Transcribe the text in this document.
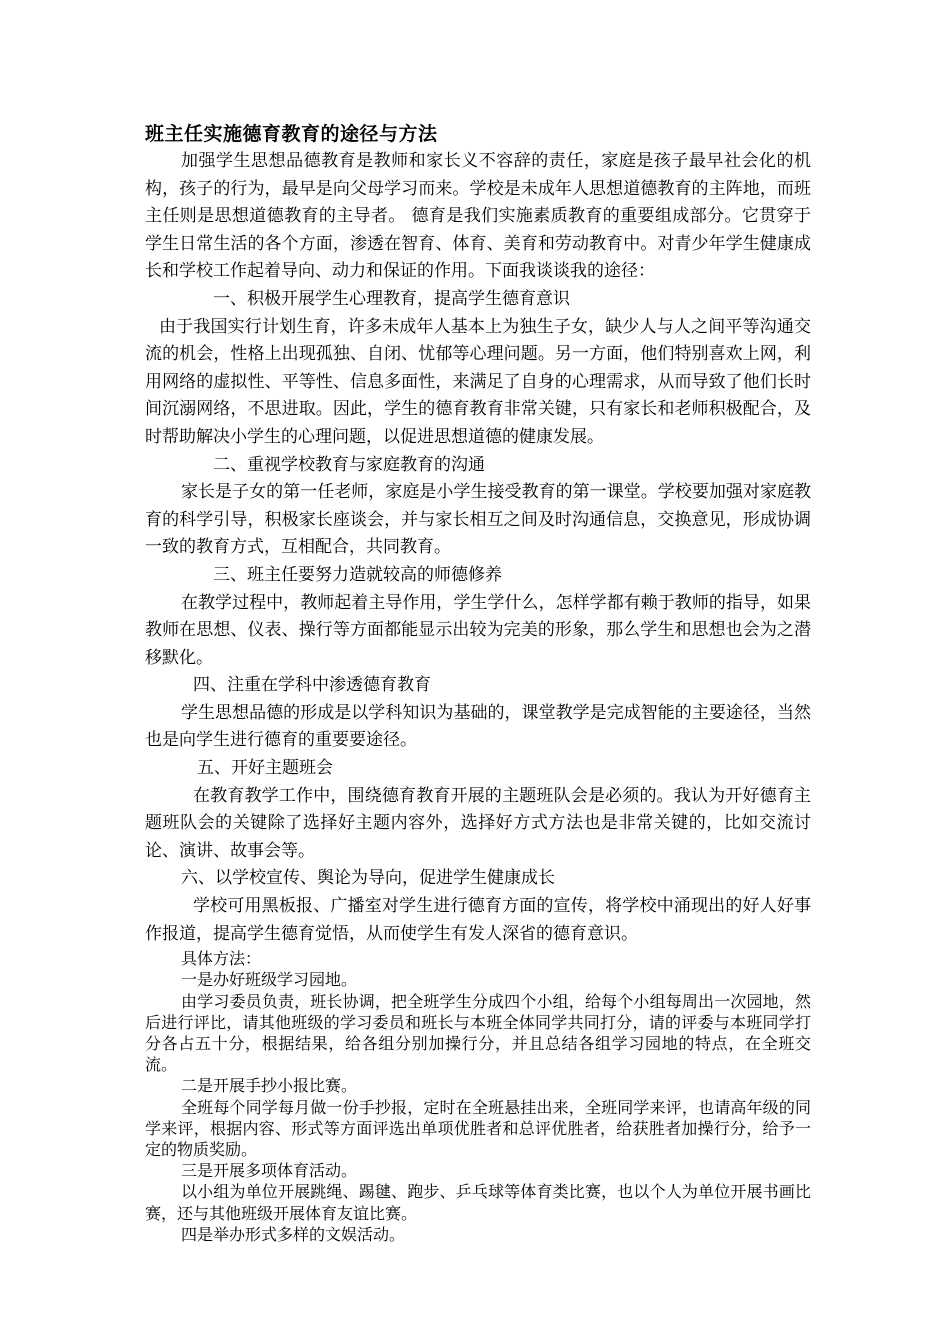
班主任实施德育教育的途径与方法

加强学生思想品德教育是教师和家长义不容辞的责任，家庭是孩子最早社会化的机构，孩子的行为，最早是向父母学习而来。学校是未成年人思想道德教育的主阵地，而班主任则是思想道德教育的主导者。 德育是我们实施素质教育的重要组成部分。它贯穿于学生日常生活的各个方面，渗透在智育、体育、美育和劳动教育中。对青少年学生健康成长和学校工作起着导向、动力和保证的作用。下面我谈谈我的途径：

一、积极开展学生心理教育，提高学生德育意识

由于我国实行计划生育，许多未成年人基本上为独生子女，缺少人与人之间平等沟通交流的机会，性格上出现孤独、自闭、忧郁等心理问题。另一方面，他们特别喜欢上网，利用网络的虚拟性、平等性、信息多面性，来满足了自身的心理需求，从而导致了他们长时间沉溺网络，不思进取。因此，学生的德育教育非常关键，只有家长和老师积极配合，及时帮助解决小学生的心理问题，以促进思想道德的健康发展。

二、重视学校教育与家庭教育的沟通

家长是子女的第一任老师，家庭是小学生接受教育的第一课堂。学校要加强对家庭教育的科学引导，积极家长座谈会，并与家长相互之间及时沟通信息，交换意见，形成协调一致的教育方式，互相配合，共同教育。

三、班主任要努力造就较高的师德修养

在教学过程中，教师起着主导作用，学生学什么，怎样学都有赖于教师的指导，如果教师在思想、仪表、操行等方面都能显示出较为完美的形象，那么学生和思想也会为之潜移默化。

四、注重在学科中渗透德育教育

学生思想品德的形成是以学科知识为基础的，课堂教学是完成智能的主要途径，当然也是向学生进行德育的重要要途径。

五、开好主题班会

在教育教学工作中，围绕德育教育开展的主题班队会是必须的。我认为开好德育主题班队会的关键除了选择好主题内容外，选择好方式方法也是非常关键的，比如交流讨论、演讲、故事会等。

六、以学校宣传、舆论为导向，促进学生健康成长

学校可用黑板报、广播室对学生进行德育方面的宣传，将学校中涌现出的好人好事作报道，提高学生德育觉悟，从而使学生有发人深省的德育意识。

具体方法：

一是办好班级学习园地。

由学习委员负责，班长协调，把全班学生分成四个小组，给每个小组每周出一次园地，然后进行评比，请其他班级的学习委员和班长与本班全体同学共同打分，请的评委与本班同学打分各占五十分，根据结果，给各组分别加操行分，并且总结各组学习园地的特点，在全班交流。

二是开展手抄小报比赛。

全班每个同学每月做一份手抄报，定时在全班悬挂出来，全班同学来评，也请高年级的同学来评，根据内容、形式等方面评选出单项优胜者和总评优胜者，给获胜者加操行分，给予一定的物质奖励。

三是开展多项体育活动。

以小组为单位开展跳绳、踢毽、跑步、乒乓球等体育类比赛，也以个人为单位开展书画比赛，还与其他班级开展体育友谊比赛。

四是举办形式多样的文娱活动。
